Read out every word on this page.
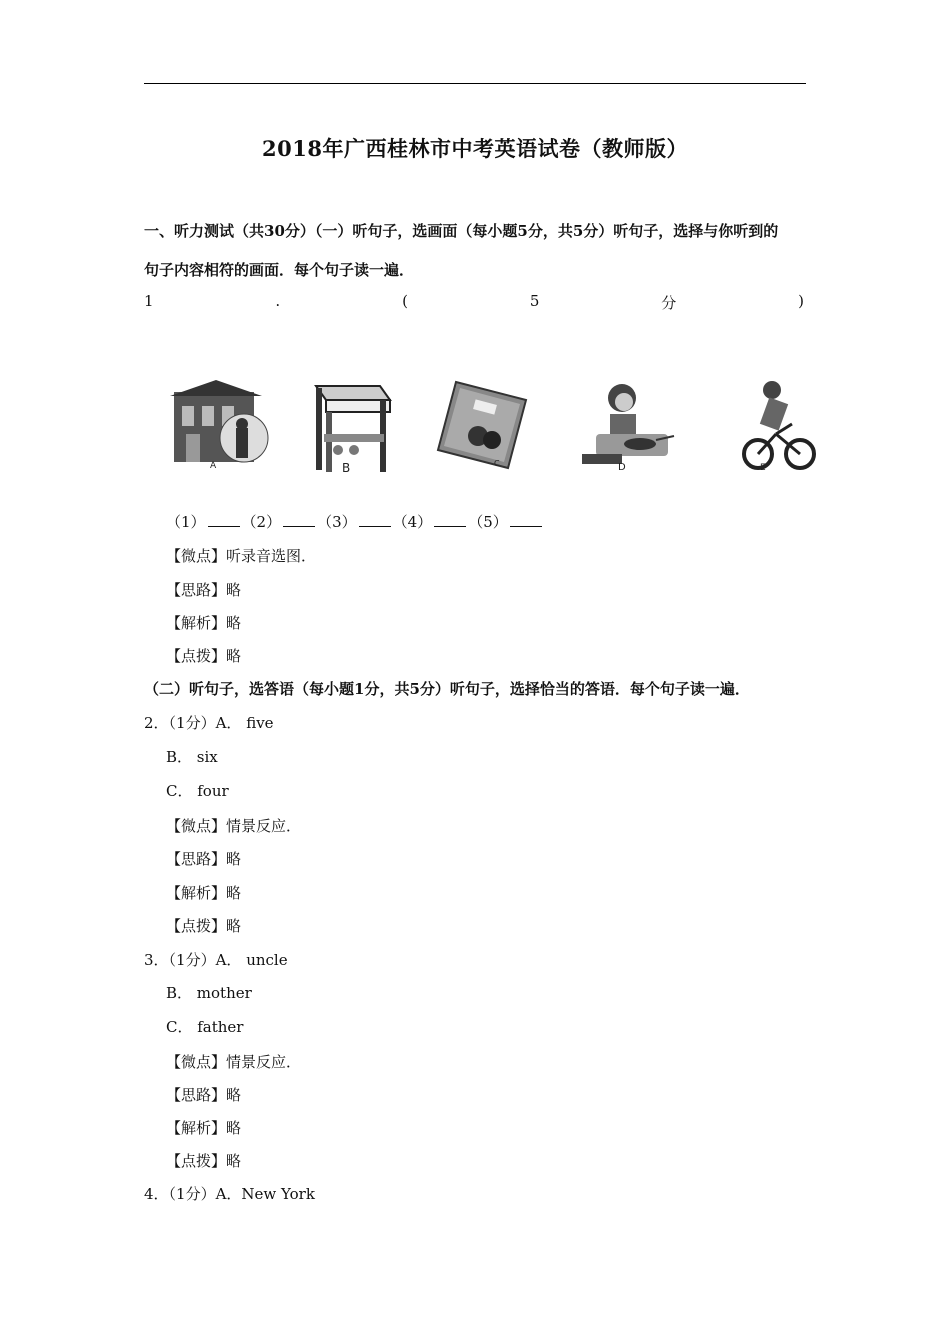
2018年广西桂林市中考英语试卷（教师版）
一、听力测试（共30分）（一）听句子，选画面（每小题5分，共5分）听句子，选择与你听到的
句子内容相符的画面．每个句子读一遍．
1	.	(	5	分	)
A	B	C	D	E
（1） （2） （3） （4） （5）
【微点】听录音选图．
【思路】略
【解析】略
【点拨】略
（二）听句子，选答语（每小题1分，共5分）听句子，选择恰当的答语．每个句子读一遍．
2．（1分）A． five
B． six
C． four
【微点】情景反应．
【思路】略
【解析】略
【点拨】略
3．（1分）A． uncle
B． mother
C． father
【微点】情景反应．
【思路】略
【解析】略
【点拨】略
4．（1分）A．New York
